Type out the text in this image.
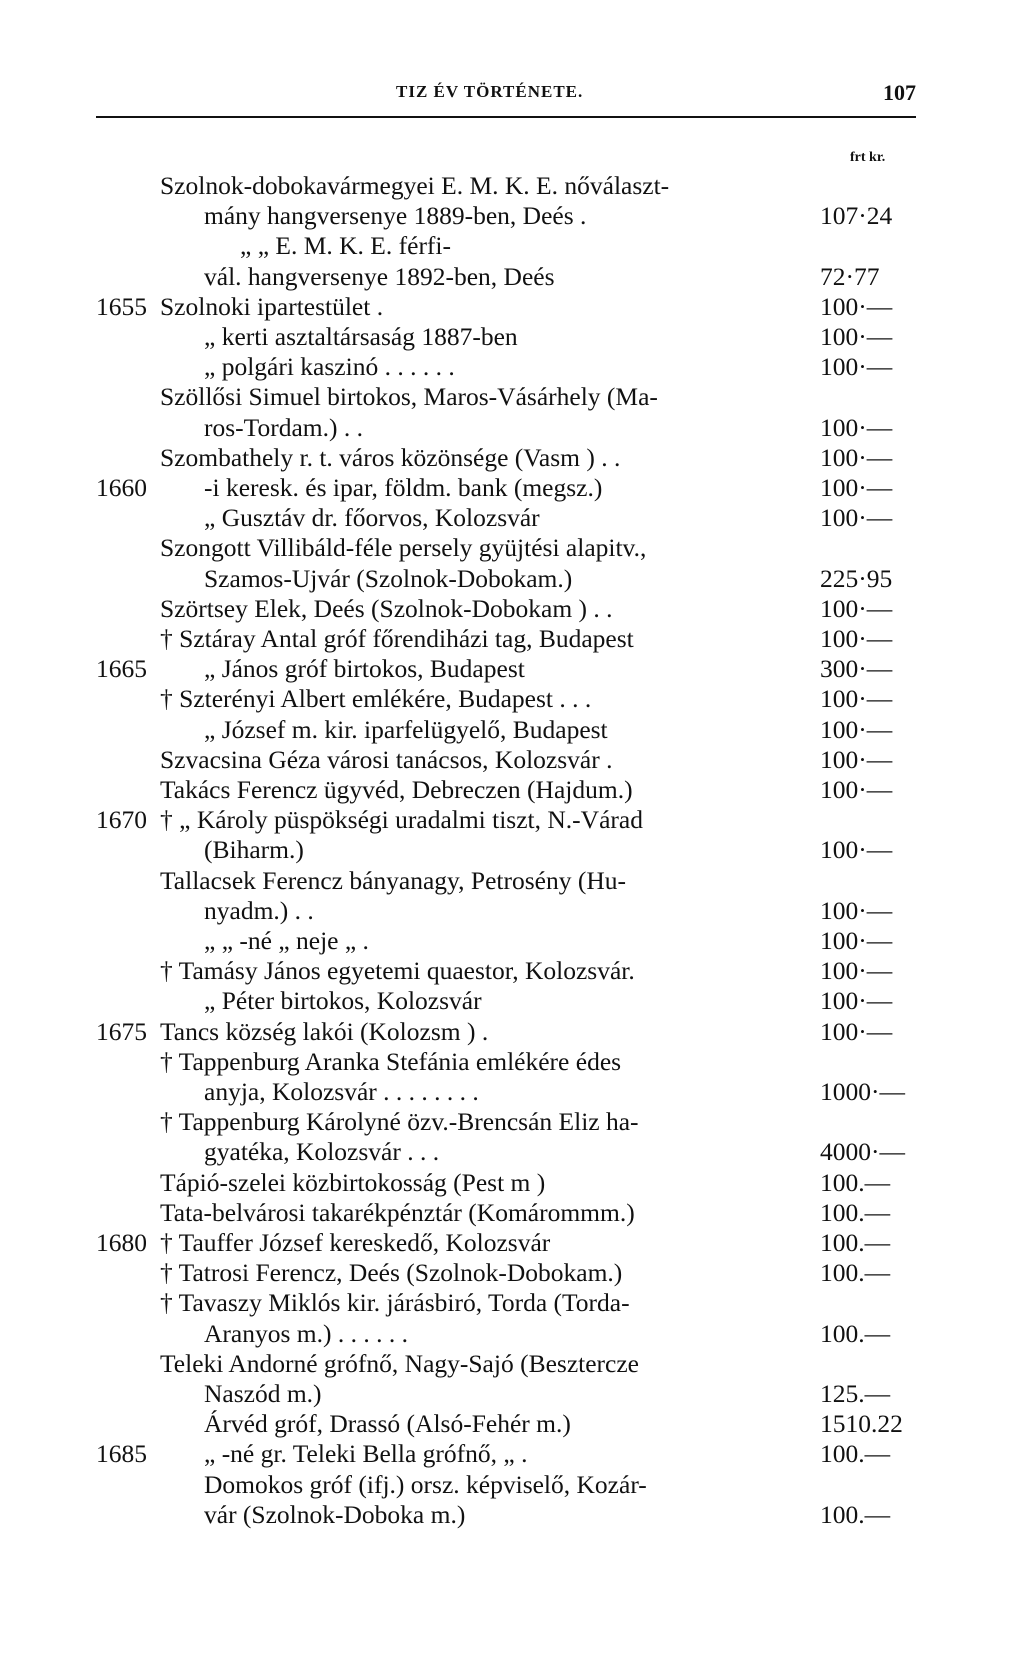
TIZ ÉV TÖRTÉNETE.	107
frt kr.
Szolnok-dobokavármegyei E. M. K. E. nőválaszt-
mány hangversenye 1889-ben, Deés .	107·24
„ „ E. M. K. E. férfi-
vál. hangversenye 1892-ben, Deés	72·77
1655 Szolnoki ipartestület .	100·—
„ kerti asztaltársaság 1887-ben	100·—
„ polgári kaszinó . . . . . .	100·—
Szöllősi Simuel birtokos, Maros-Vásárhely (Ma-
ros-Tordam.) . .	100·—
Szombathely r. t. város közönsége (Vasm ) . .	100·—
1660 -i keresk. és ipar, földm. bank (megsz.)	100·—
„ Gusztáv dr. főorvos, Kolozsvár	100·—
Szongott Villibáld-féle persely gyüjtési alapitv.,
Szamos-Ujvár (Szolnok-Dobokam.)	225·95
Szörtsey Elek, Deés (Szolnok-Dobokam ) . .	100·—
† Sztáray Antal gróf főrendiházi tag, Budapest	100·—
1665 „ János gróf birtokos, Budapest	300·—
† Szterényi Albert emlékére, Budapest . . .	100·—
„ József m. kir. iparfelügyelő, Budapest	100·—
Szvacsina Géza városi tanácsos, Kolozsvár .	100·—
Takács Ferencz ügyvéd, Debreczen (Hajdum.)	100·—
1670 † „ Károly püspökségi uradalmi tiszt, N.-Várad
(Biharm.)	100·—
Tallacsek Ferencz bányanagy, Petrosény (Hu-
nyadm.) . .	100·—
„ „ -né „ neje „ .	100·—
† Tamásy János egyetemi quaestor, Kolozsvár.	100·—
„ Péter birtokos, Kolozsvár	100·—
1675 Tancs község lakói (Kolozsm ) .	100·—
† Tappenburg Aranka Stefánia emlékére édes
anyja, Kolozsvár . . . . . . . .	1000·—
† Tappenburg Károlyné özv.-Brencsán Eliz ha-
gyatéka, Kolozsvár . . .	4000·—
Tápió-szelei közbirtokosság (Pest m )	100.—
Tata-belvárosi takarékpénztár (Komárommm.)	100.—
1680 † Tauffer József kereskedő, Kolozsvár	100.—
† Tatrosi Ferencz, Deés (Szolnok-Dobokam.)	100.—
† Tavaszy Miklós kir. járásbiró, Torda (Torda-
Aranyos m.) . . . . . .	100.—
Teleki Andorné grófnő, Nagy-Sajó (Beszterczе
Naszód m.)	125.—
Árvéd gróf, Drassó (Alsó-Fehér m.)	1510.22
1685 „ -né gr. Teleki Bella grófnő, „ .	100.—
Domokos gróf (ifj.) orsz. képviselő, Kozár-
vár (Szolnok-Doboka m.)	100.—
